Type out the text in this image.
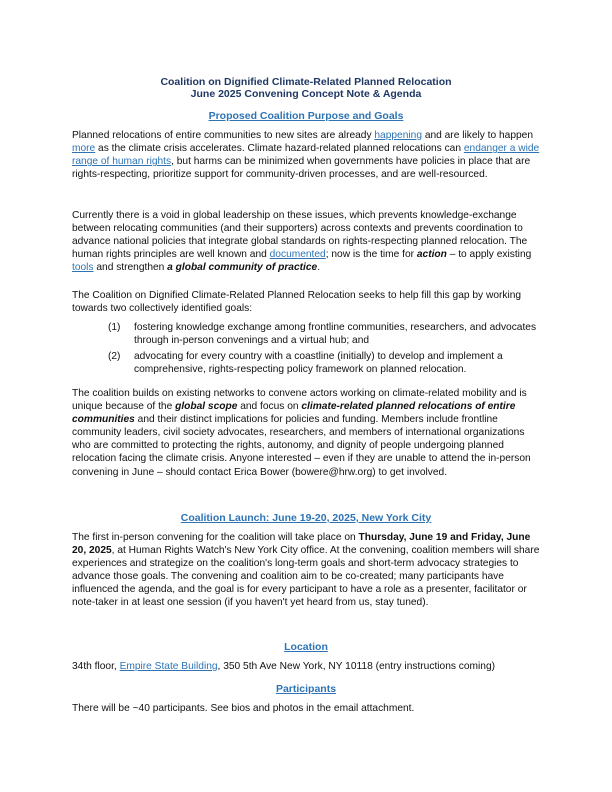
Coalition on Dignified Climate-Related Planned Relocation
June 2025 Convening Concept Note & Agenda
Proposed Coalition Purpose and Goals
Planned relocations of entire communities to new sites are already happening and are likely to happen more as the climate crisis accelerates. Climate hazard-related planned relocations can endanger a wide range of human rights, but harms can be minimized when governments have policies in place that are rights-respecting, prioritize support for community-driven processes, and are well-resourced.
Currently there is a void in global leadership on these issues, which prevents knowledge-exchange between relocating communities (and their supporters) across contexts and prevents coordination to advance national policies that integrate global standards on rights-respecting planned relocation. The human rights principles are well known and documented; now is the time for action – to apply existing tools and strengthen a global community of practice.
The Coalition on Dignified Climate-Related Planned Relocation seeks to help fill this gap by working towards two collectively identified goals:
(1) fostering knowledge exchange among frontline communities, researchers, and advocates through in-person convenings and a virtual hub; and
(2) advocating for every country with a coastline (initially) to develop and implement a comprehensive, rights-respecting policy framework on planned relocation.
The coalition builds on existing networks to convene actors working on climate-related mobility and is unique because of the global scope and focus on climate-related planned relocations of entire communities and their distinct implications for policies and funding. Members include frontline community leaders, civil society advocates, researchers, and members of international organizations who are committed to protecting the rights, autonomy, and dignity of people undergoing planned relocation facing the climate crisis. Anyone interested – even if they are unable to attend the in-person convening in June – should contact Erica Bower (bowere@hrw.org) to get involved.
Coalition Launch: June 19-20, 2025, New York City
The first in-person convening for the coalition will take place on Thursday, June 19 and Friday, June 20, 2025, at Human Rights Watch's New York City office. At the convening, coalition members will share experiences and strategize on the coalition's long-term goals and short-term advocacy strategies to advance those goals. The convening and coalition aim to be co-created; many participants have influenced the agenda, and the goal is for every participant to have a role as a presenter, facilitator or note-taker in at least one session (if you haven't yet heard from us, stay tuned).
Location
34th floor, Empire State Building, 350 5th Ave New York, NY 10118 (entry instructions coming)
Participants
There will be ~40 participants. See bios and photos in the email attachment.
